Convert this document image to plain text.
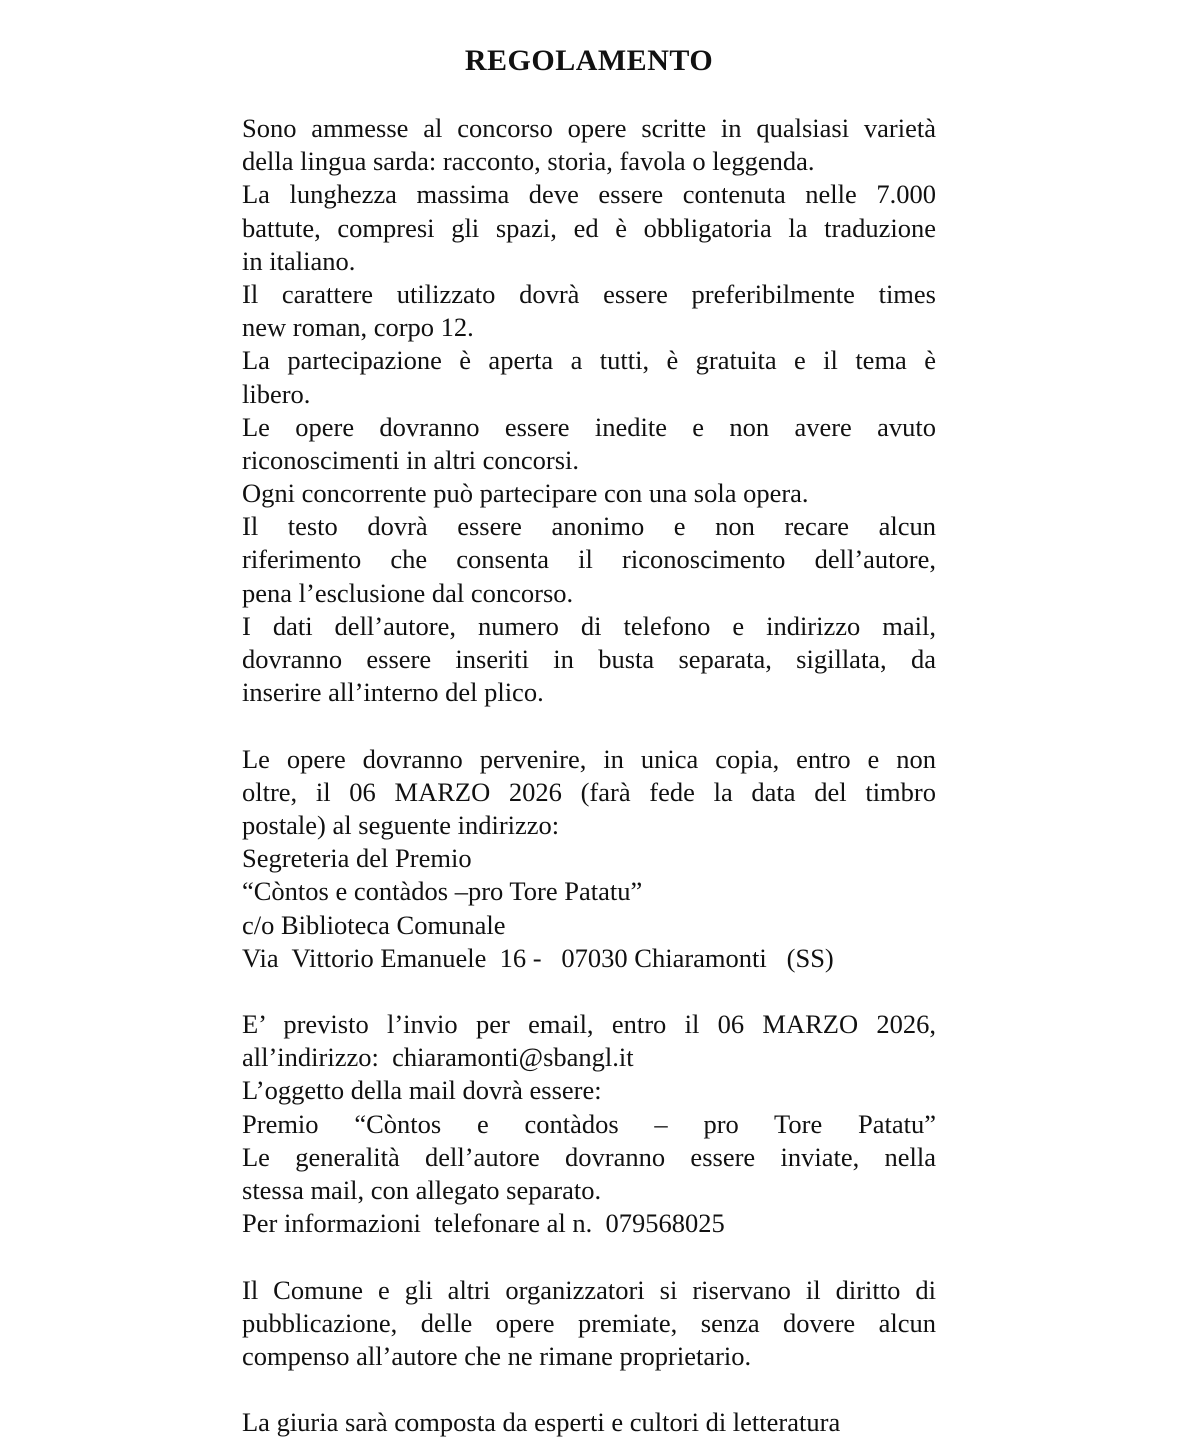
REGOLAMENTO
Sono ammesse al concorso opere scritte in qualsiasi varietà
della lingua sarda: racconto, storia, favola o leggenda.
La lunghezza massima deve essere contenuta nelle 7.000
battute, compresi gli spazi, ed è obbligatoria la traduzione
in italiano.
Il carattere utilizzato dovrà essere preferibilmente times
new roman, corpo 12.
La partecipazione è aperta a tutti, è gratuita e il tema è
libero.
Le opere dovranno essere inedite e non avere avuto
riconoscimenti in altri concorsi.
Ogni concorrente può partecipare con una sola opera.
Il testo dovrà essere anonimo e non recare alcun
riferimento che consenta il riconoscimento dell’autore,
pena l’esclusione dal concorso.
I dati dell’autore, numero di telefono e indirizzo mail,
dovranno essere inseriti in busta separata, sigillata, da
inserire all’interno del plico.
Le opere dovranno pervenire, in unica copia, entro e non
oltre, il 06 MARZO 2026 (farà fede la data del timbro
postale) al seguente indirizzo:
Segreteria del Premio
“Còntos e contàdos –pro Tore Patatu”
c/o Biblioteca Comunale
Via  Vittorio Emanuele  16 -   07030 Chiaramonti   (SS)
E’ previsto l’invio per email, entro il 06 MARZO 2026,
all’indirizzo:  chiaramonti@sbangl.it
L’oggetto della mail dovrà essere:
Premio “Còntos e contàdos – pro Tore Patatu”
Le generalità dell’autore dovranno essere inviate, nella
stessa mail, con allegato separato.
Per informazioni  telefonare al n.  079568025
Il Comune e gli altri organizzatori si riservano il diritto di
pubblicazione, delle opere premiate, senza dovere alcun
compenso all’autore che ne rimane proprietario.
La giuria sarà composta da esperti e cultori di letteratura
